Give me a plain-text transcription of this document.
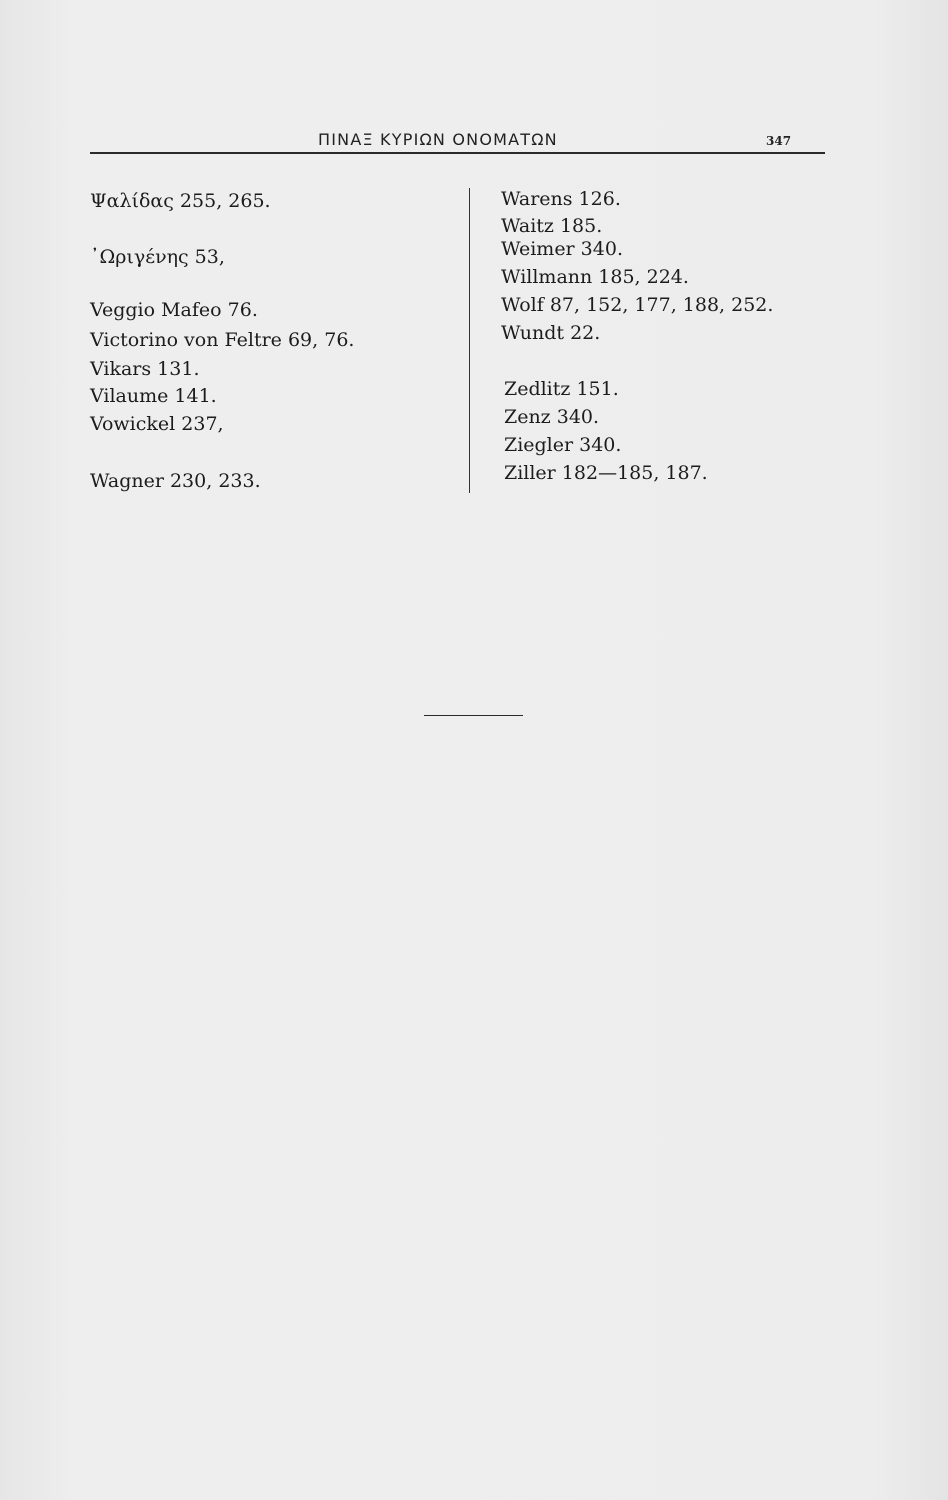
ΠΙΝΑΞ ΚΥΡΙΩΝ ΟΝΟΜΑΤΩΝ	347
Ψαλίδας 255, 265.
᾿Ωριγένης 53,
Veggio Mafeo 76.
Victorino von Feltre 69, 76.
Vikars 131.
Vilaume 141.
Vowickel 237,
Wagner 230, 233.
Warens 126.
Waitz 185.
Weimer 340.
Willmann 185, 224.
Wolf 87, 152, 177, 188, 252.
Wundt 22.
Zedlitz 151.
Zenz 340.
Ziegler 340.
Ziller 182—185, 187.
